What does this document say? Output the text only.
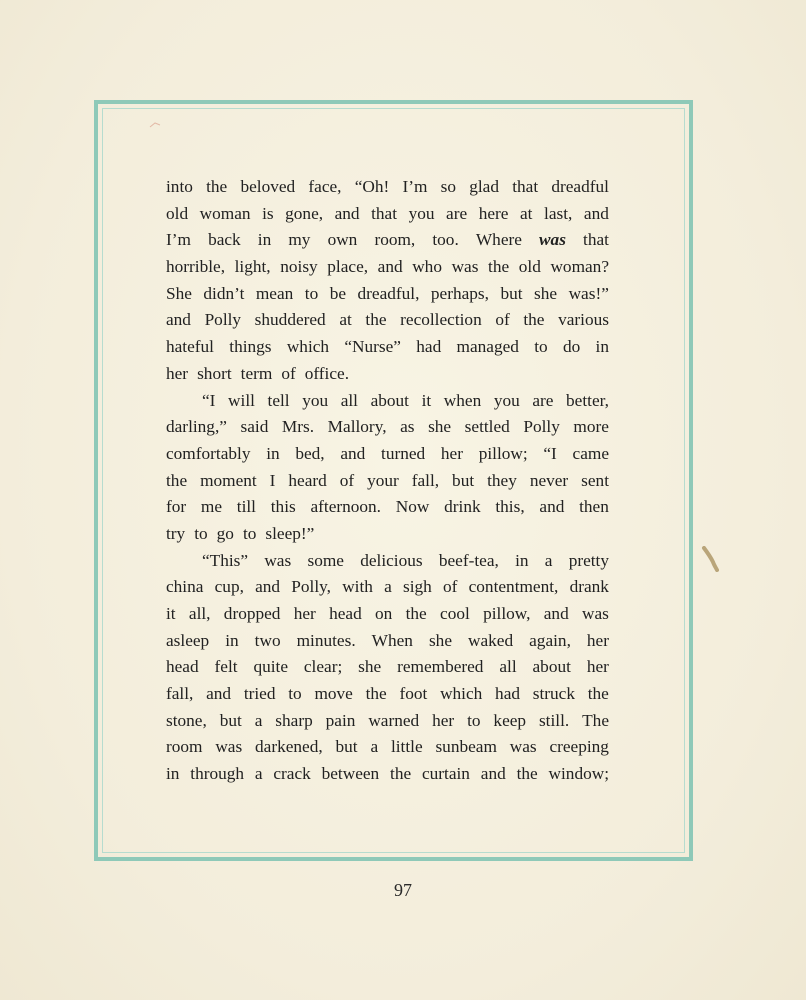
into the beloved face, “Oh! I’m so glad that dreadful
old woman is gone, and that you are here at last, and
I’m back in my own room, too. Where was that
horrible, light, noisy place, and who was the old woman?
She didn’t mean to be dreadful, perhaps, but she was!”
and Polly shuddered at the recollection of the various
hateful things which “Nurse” had managed to do in
her short term of office.
“I will tell you all about it when you are better,
darling,” said Mrs. Mallory, as she settled Polly more
comfortably in bed, and turned her pillow; “I came
the moment I heard of your fall, but they never sent
for me till this afternoon. Now drink this, and then
try to go to sleep!”
“This” was some delicious beef-tea, in a pretty
china cup, and Polly, with a sigh of contentment, drank
it all, dropped her head on the cool pillow, and was
asleep in two minutes. When she waked again, her
head felt quite clear; she remembered all about her
fall, and tried to move the foot which had struck the
stone, but a sharp pain warned her to keep still. The
room was darkened, but a little sunbeam was creeping
in through a crack between the curtain and the window;
97
